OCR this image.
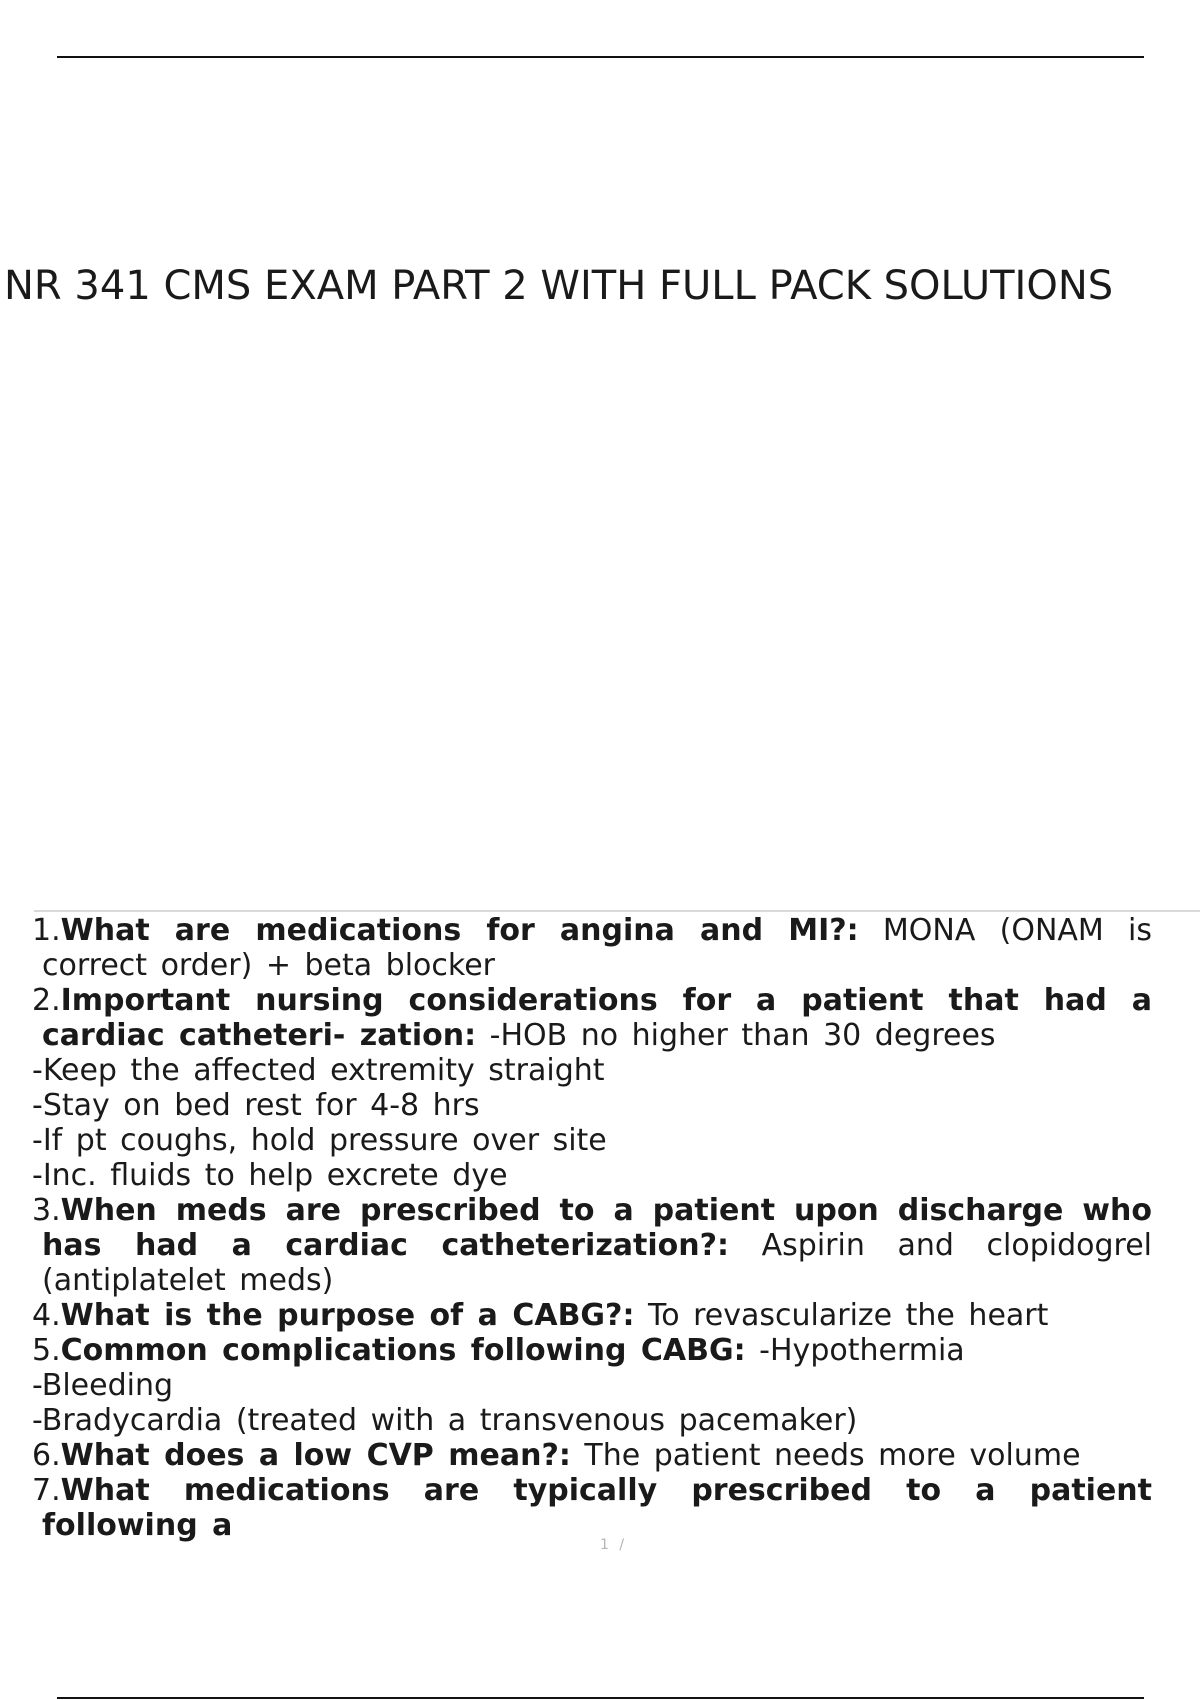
NR 341 CMS EXAM PART 2 WITH FULL PACK SOLUTIONS
1.What are medications for angina and MI?: MONA (ONAM is correct order) + beta blocker
2.Important nursing considerations for a patient that had a cardiac catheteri- zation: -HOB no higher than 30 degrees
-Keep the affected extremity straight
-Stay on bed rest for 4-8 hrs
-If pt coughs, hold pressure over site
-Inc. fluids to help excrete dye
3.When meds are prescribed to a patient upon discharge who has had a cardiac catheterization?: Aspirin and clopidogrel (antiplatelet meds)
4.What is the purpose of a CABG?: To revascularize the heart
5.Common complications following CABG: -Hypothermia
-Bleeding
-Bradycardia (treated with a transvenous pacemaker)
6.What does a low CVP mean?: The patient needs more volume
7.What medications are typically prescribed to a patient following a
1 /
